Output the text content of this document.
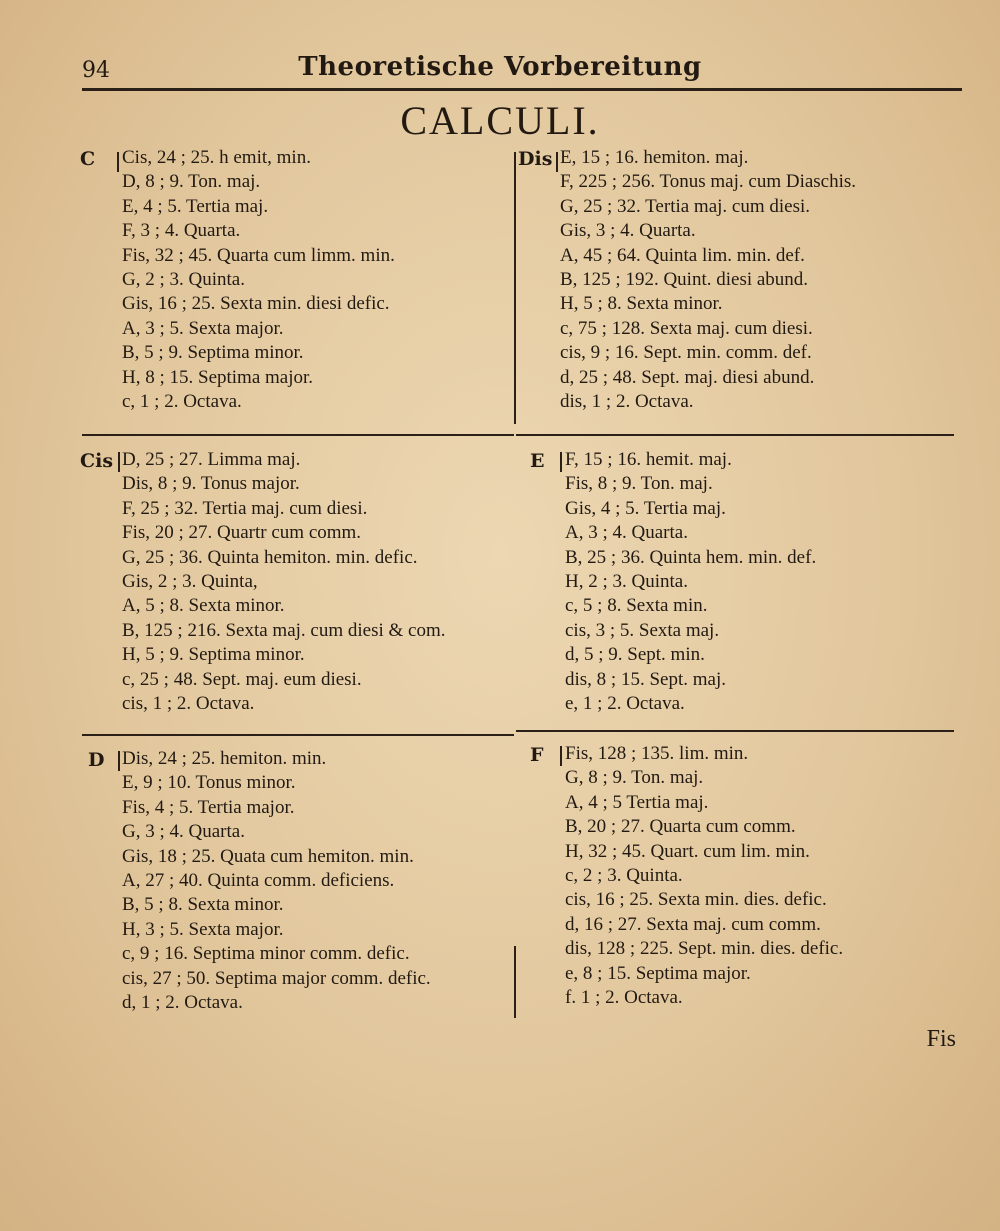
94	Theoretische Vorbereitung
CALCULI.
C Cis, 24 ; 25. h emit, min.
D, 8 ; 9. Ton. maj.
E, 4 ; 5. Tertia maj.
F, 3 ; 4. Quarta.
Fis, 32 ; 45. Quarta cum limm. min.
G, 2 ; 3. Quinta.
Gis, 16 ; 25. Sexta min. diesi defic.
A, 3 ; 5. Sexta major.
B, 5 ; 9. Septima minor.
H, 8 ; 15. Septima major.
c, 1 ; 2. Octava.
Cis D, 25 ; 27. Limma maj.
Dis, 8 ; 9. Tonus major.
F, 25 ; 32. Tertia maj. cum diesi.
Fis, 20 ; 27. Quartr cum comm.
G, 25 ; 36. Quinta hemiton. min. defic.
Gis, 2 ; 3. Quinta,
A, 5 ; 8. Sexta minor.
B, 125 ; 216. Sexta maj. cum diesi & com.
H, 5 ; 9. Septima minor.
c, 25 ; 48. Sept. maj. eum diesi.
cis, 1 ; 2. Octava.
D Dis, 24 ; 25. hemiton. min.
E, 9 ; 10. Tonus minor.
Fis, 4 ; 5. Tertia major.
G, 3 ; 4. Quarta.
Gis, 18 ; 25. Quata cum hemiton. min.
A, 27 ; 40. Quinta comm. deficiens.
B, 5 ; 8. Sexta minor.
H, 3 ; 5. Sexta major.
c, 9 ; 16. Septima minor comm. defic.
cis, 27 ; 50. Septima major comm. defic.
d, 1 ; 2. Octava.
Dis E, 15 ; 16. hemiton. maj.
F, 225 ; 256. Tonus maj. cum Diaschis.
G, 25 ; 32. Tertia maj. cum diesi.
Gis, 3 ; 4. Quarta.
A, 45 ; 64. Quinta lim. min. def.
B, 125 ; 192. Quint. diesi abund.
H, 5 ; 8. Sexta minor.
c, 75 ; 128. Sexta maj. cum diesi.
cis, 9 ; 16. Sept. min. comm. def.
d, 25 ; 48. Sept. maj. diesi abund.
dis, 1 ; 2. Octava.
E F, 15 ; 16. hemit. maj.
Fis, 8 ; 9. Ton. maj.
Gis, 4 ; 5. Tertia maj.
A, 3 ; 4. Quarta.
B, 25 ; 36. Quinta hem. min. def.
H, 2 ; 3. Quinta.
c, 5 ; 8. Sexta min.
cis, 3 ; 5. Sexta maj.
d, 5 ; 9. Sept. min.
dis, 8 ; 15. Sept. maj.
e, 1 ; 2. Octava.
F Fis, 128 ; 135. lim. min.
G, 8 ; 9. Ton. maj.
A, 4 ; 5 Tertia maj.
B, 20 ; 27. Quarta cum comm.
H, 32 ; 45. Quart. cum lim. min.
c, 2 ; 3. Quinta.
cis, 16 ; 25. Sexta min. dies. defic.
d, 16 ; 27. Sexta maj. cum comm.
dis, 128 ; 225. Sept. min. dies. defic.
e, 8 ; 15. Septima major.
f. 1 ; 2. Octava.
Fis
